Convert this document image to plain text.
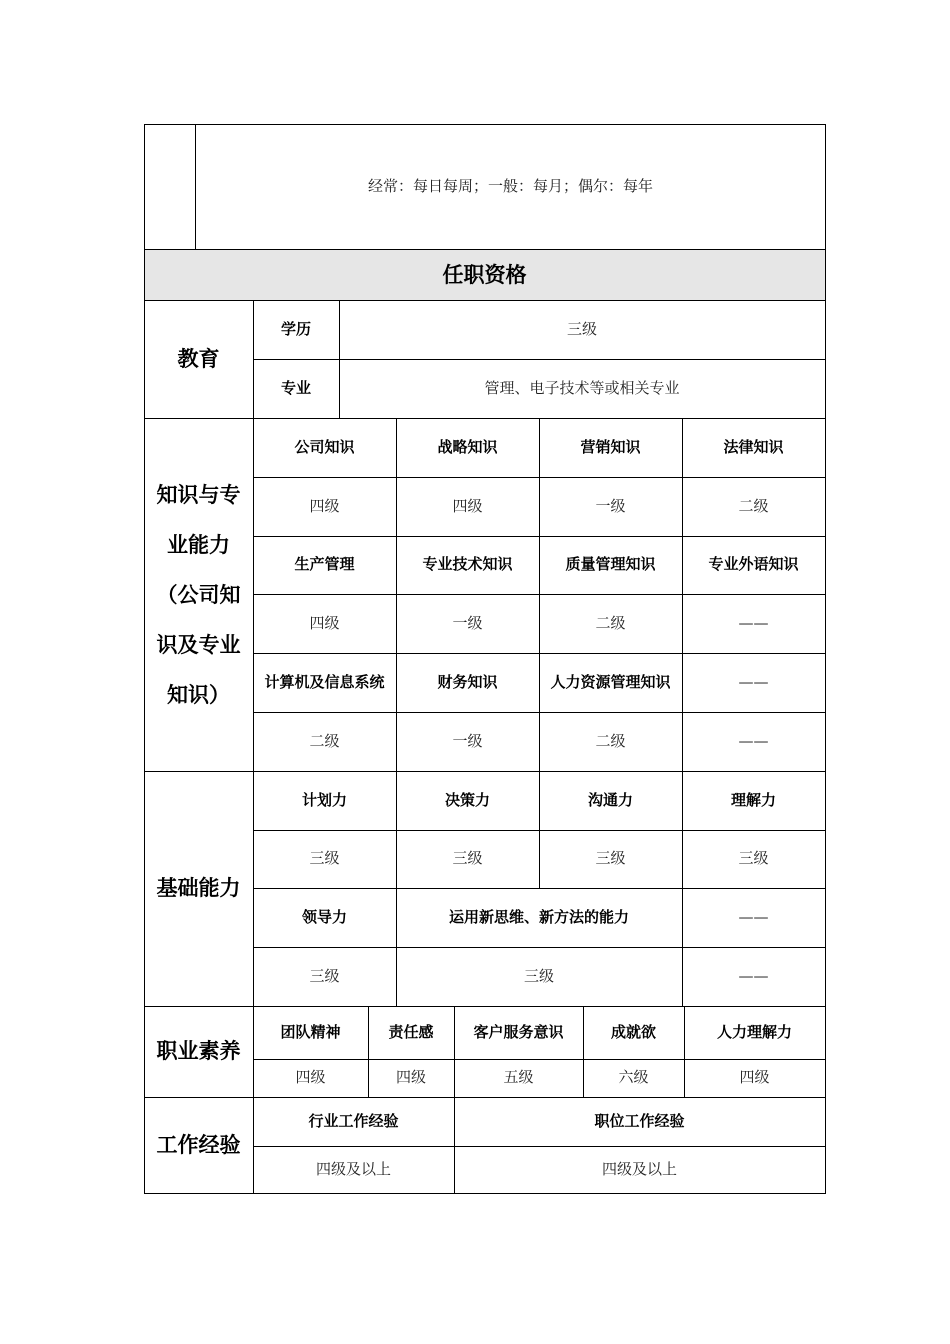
经常：每日每周；一般：每月；偶尔：每年
任职资格
教育
学历	三级
专业	管理、电子技术等或相关专业
知识与专业能力（公司知识及专业知识）
公司知识	战略知识	营销知识	法律知识
四级	四级	一级	二级
生产管理	专业技术知识	质量管理知识	专业外语知识
四级	一级	二级	——
计算机及信息系统	财务知识	人力资源管理知识	——
二级	一级	二级	——
基础能力
计划力	决策力	沟通力	理解力
三级	三级	三级	三级
领导力	运用新思维、新方法的能力	——
三级	三级	——
职业素养
团队精神	责任感	客户服务意识	成就欲	人力理解力
四级	四级	五级	六级	四级
工作经验
行业工作经验	职位工作经验
四级及以上	四级及以上
